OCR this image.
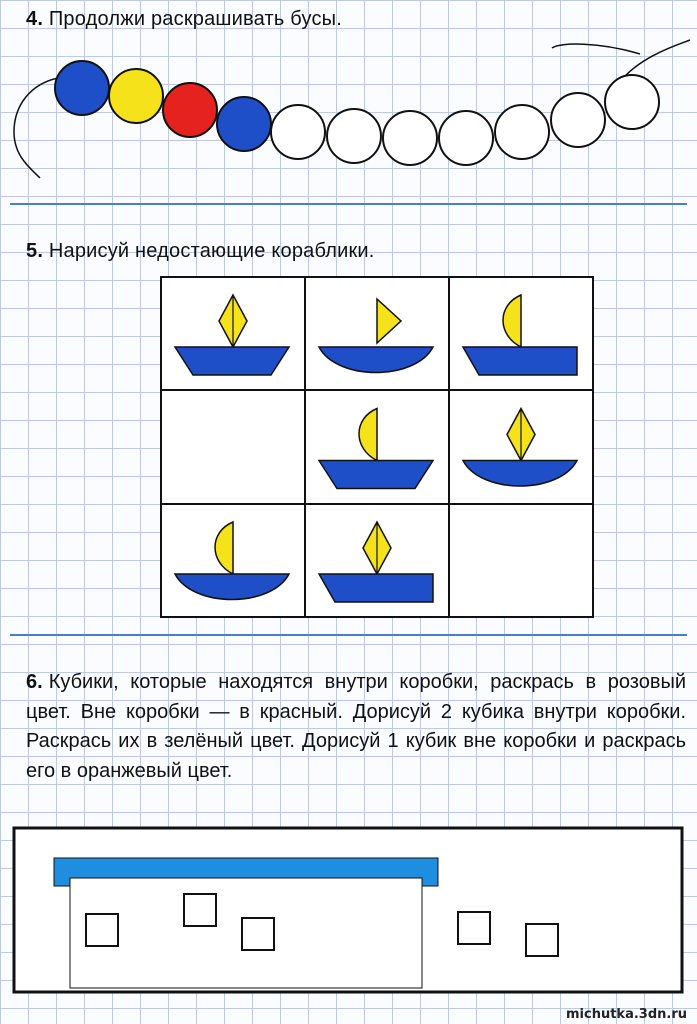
4. Продолжи раскрашивать бусы.
5. Нарисуй недостающие кораблики.
6. Кубики, которые находятся внутри коробки, раскрась в розовый цвет. Вне коробки — в красный. Дорисуй 2 кубика внутри коробки. Раскрась их в зелёный цвет. Дорисуй 1 кубик вне коробки и раскрась его в оранжевый цвет.
michutka.3dn.ru
